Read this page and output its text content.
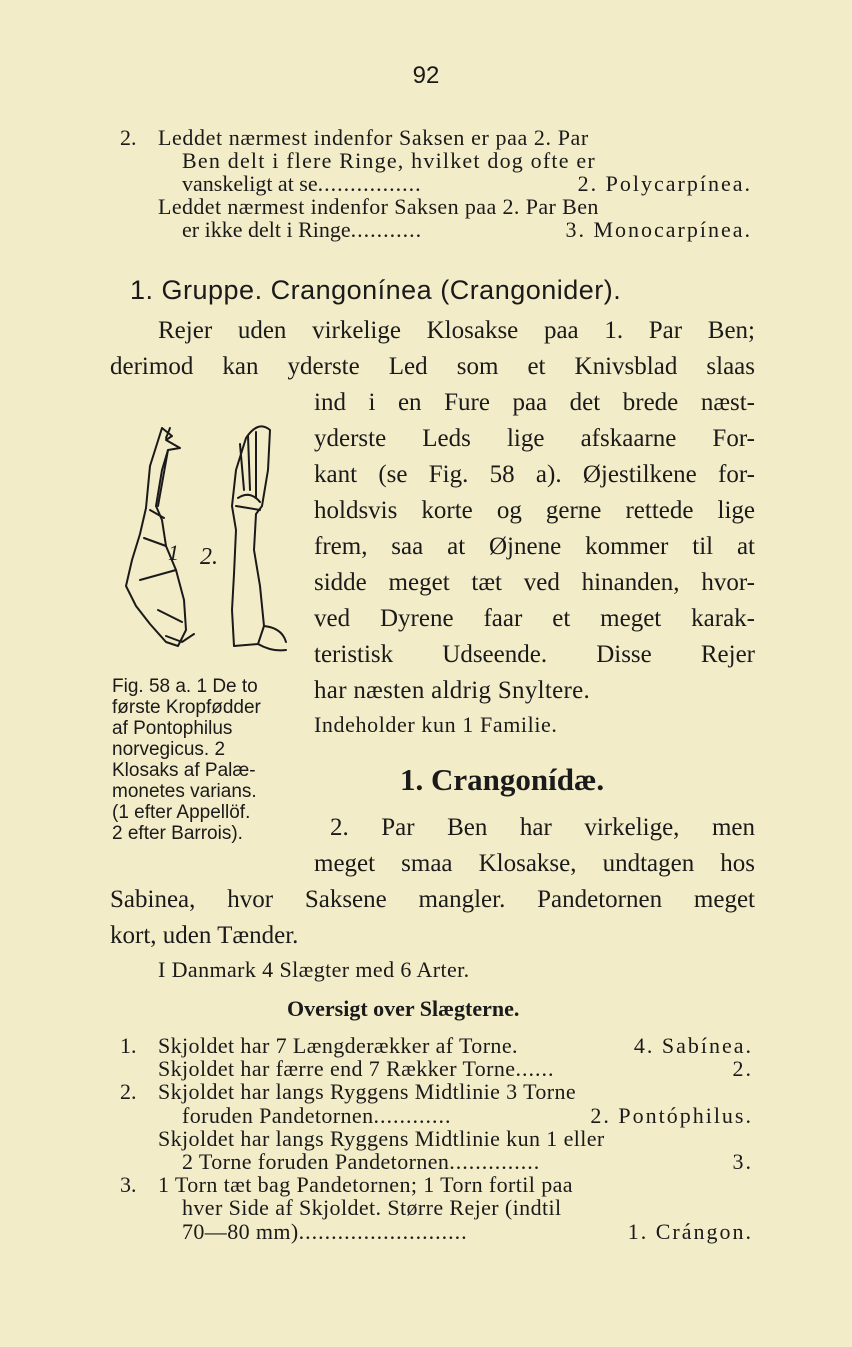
92
2. Leddet nærmest indenfor Saksen er paa 2. Par
Ben delt i flere Ringe, hvilket dog ofte er
vanskeligt at se................	2. Polycarpínea.
Leddet nærmest indenfor Saksen paa 2. Par Ben
er ikke delt i Ringe...........	3. Monocarpínea.
1. Gruppe. Crangonínea (Crangonider).
Rejer uden virkelige Klosakse paa 1. Par Ben;
derimod kan yderste Led som et Knivsblad slaas
ind i en Fure paa det brede næst-
yderste Leds lige afskaarne For-
kant (se Fig. 58 a). Øjestilkene for-
holdsvis korte og gerne rettede lige
frem, saa at Øjnene kommer til at
sidde meget tæt ved hinanden, hvor-
ved Dyrene faar et meget karak-
teristisk Udseende. Disse Rejer
har næsten aldrig Snyltere.
Indeholder kun 1 Familie.
1 2.
Fig. 58 a. 1 De to
første Kropfødder
af Pontophilus
norvegicus. 2
Klosaks af Palæ-
monetes varians.
(1 efter Appellöf.
2 efter Barrois).
1. Crangonídæ.
2. Par Ben har virkelige, men
meget smaa Klosakse, undtagen hos
Sabinea, hvor Saksene mangler. Pandetornen meget
kort, uden Tænder.
I Danmark 4 Slægter med 6 Arter.
Oversigt over Slægterne.
1. Skjoldet har 7 Længderækker af Torne.	4. Sabínea.
Skjoldet har færre end 7 Rækker Torne......	2.
2. Skjoldet har langs Ryggens Midtlinie 3 Torne
foruden Pandetornen............	2. Pontóphilus.
Skjoldet har langs Ryggens Midtlinie kun 1 eller
2 Torne foruden Pandetornen..............	3.
3. 1 Torn tæt bag Pandetornen; 1 Torn fortil paa
hver Side af Skjoldet. Større Rejer (indtil
70—80 mm)..........................	1. Crángon.
